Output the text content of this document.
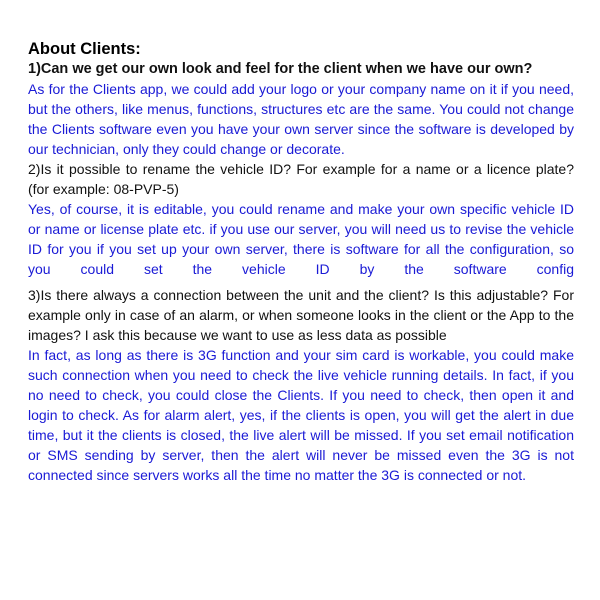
About Clients:

1)Can we get our own look and feel for the client when we have our own?

As for the Clients app, we could add your logo or your company name on it if you need, but the others, like menus, functions, structures etc are the same. You could not change the Clients software even you have your own server since the software is developed by our technician, only they could change or decorate.

2)Is it possible to rename the vehicle ID? For example for a name or a licence plate? (for example: 08-PVP-5)

Yes, of course, it is editable, you could rename and make your own specific vehicle ID or name or license plate etc. if you use our server, you will need us to revise the vehicle ID for you if you set up your own server, there is software for all the configuration, so you could set the vehicle ID by the software config

3)Is there always a connection between the unit and the client? Is this adjustable? For example only in case of an alarm, or when someone looks in the client or the App to the images? I ask this because we want to use as less data as possible

In fact, as long as there is 3G function and your sim card is workable, you could make such connection when you need to check the live vehicle running details. In fact, if you no need to check, you could close the Clients. If you need to check, then open it and login to check. As for alarm alert, yes, if the clients is open, you will get the alert in due time, but it the clients is closed, the live alert will be missed. If you set email notification or SMS sending by server, then the alert will never be missed even the 3G is not connected since servers works all the time no matter the 3G is connected or not.
